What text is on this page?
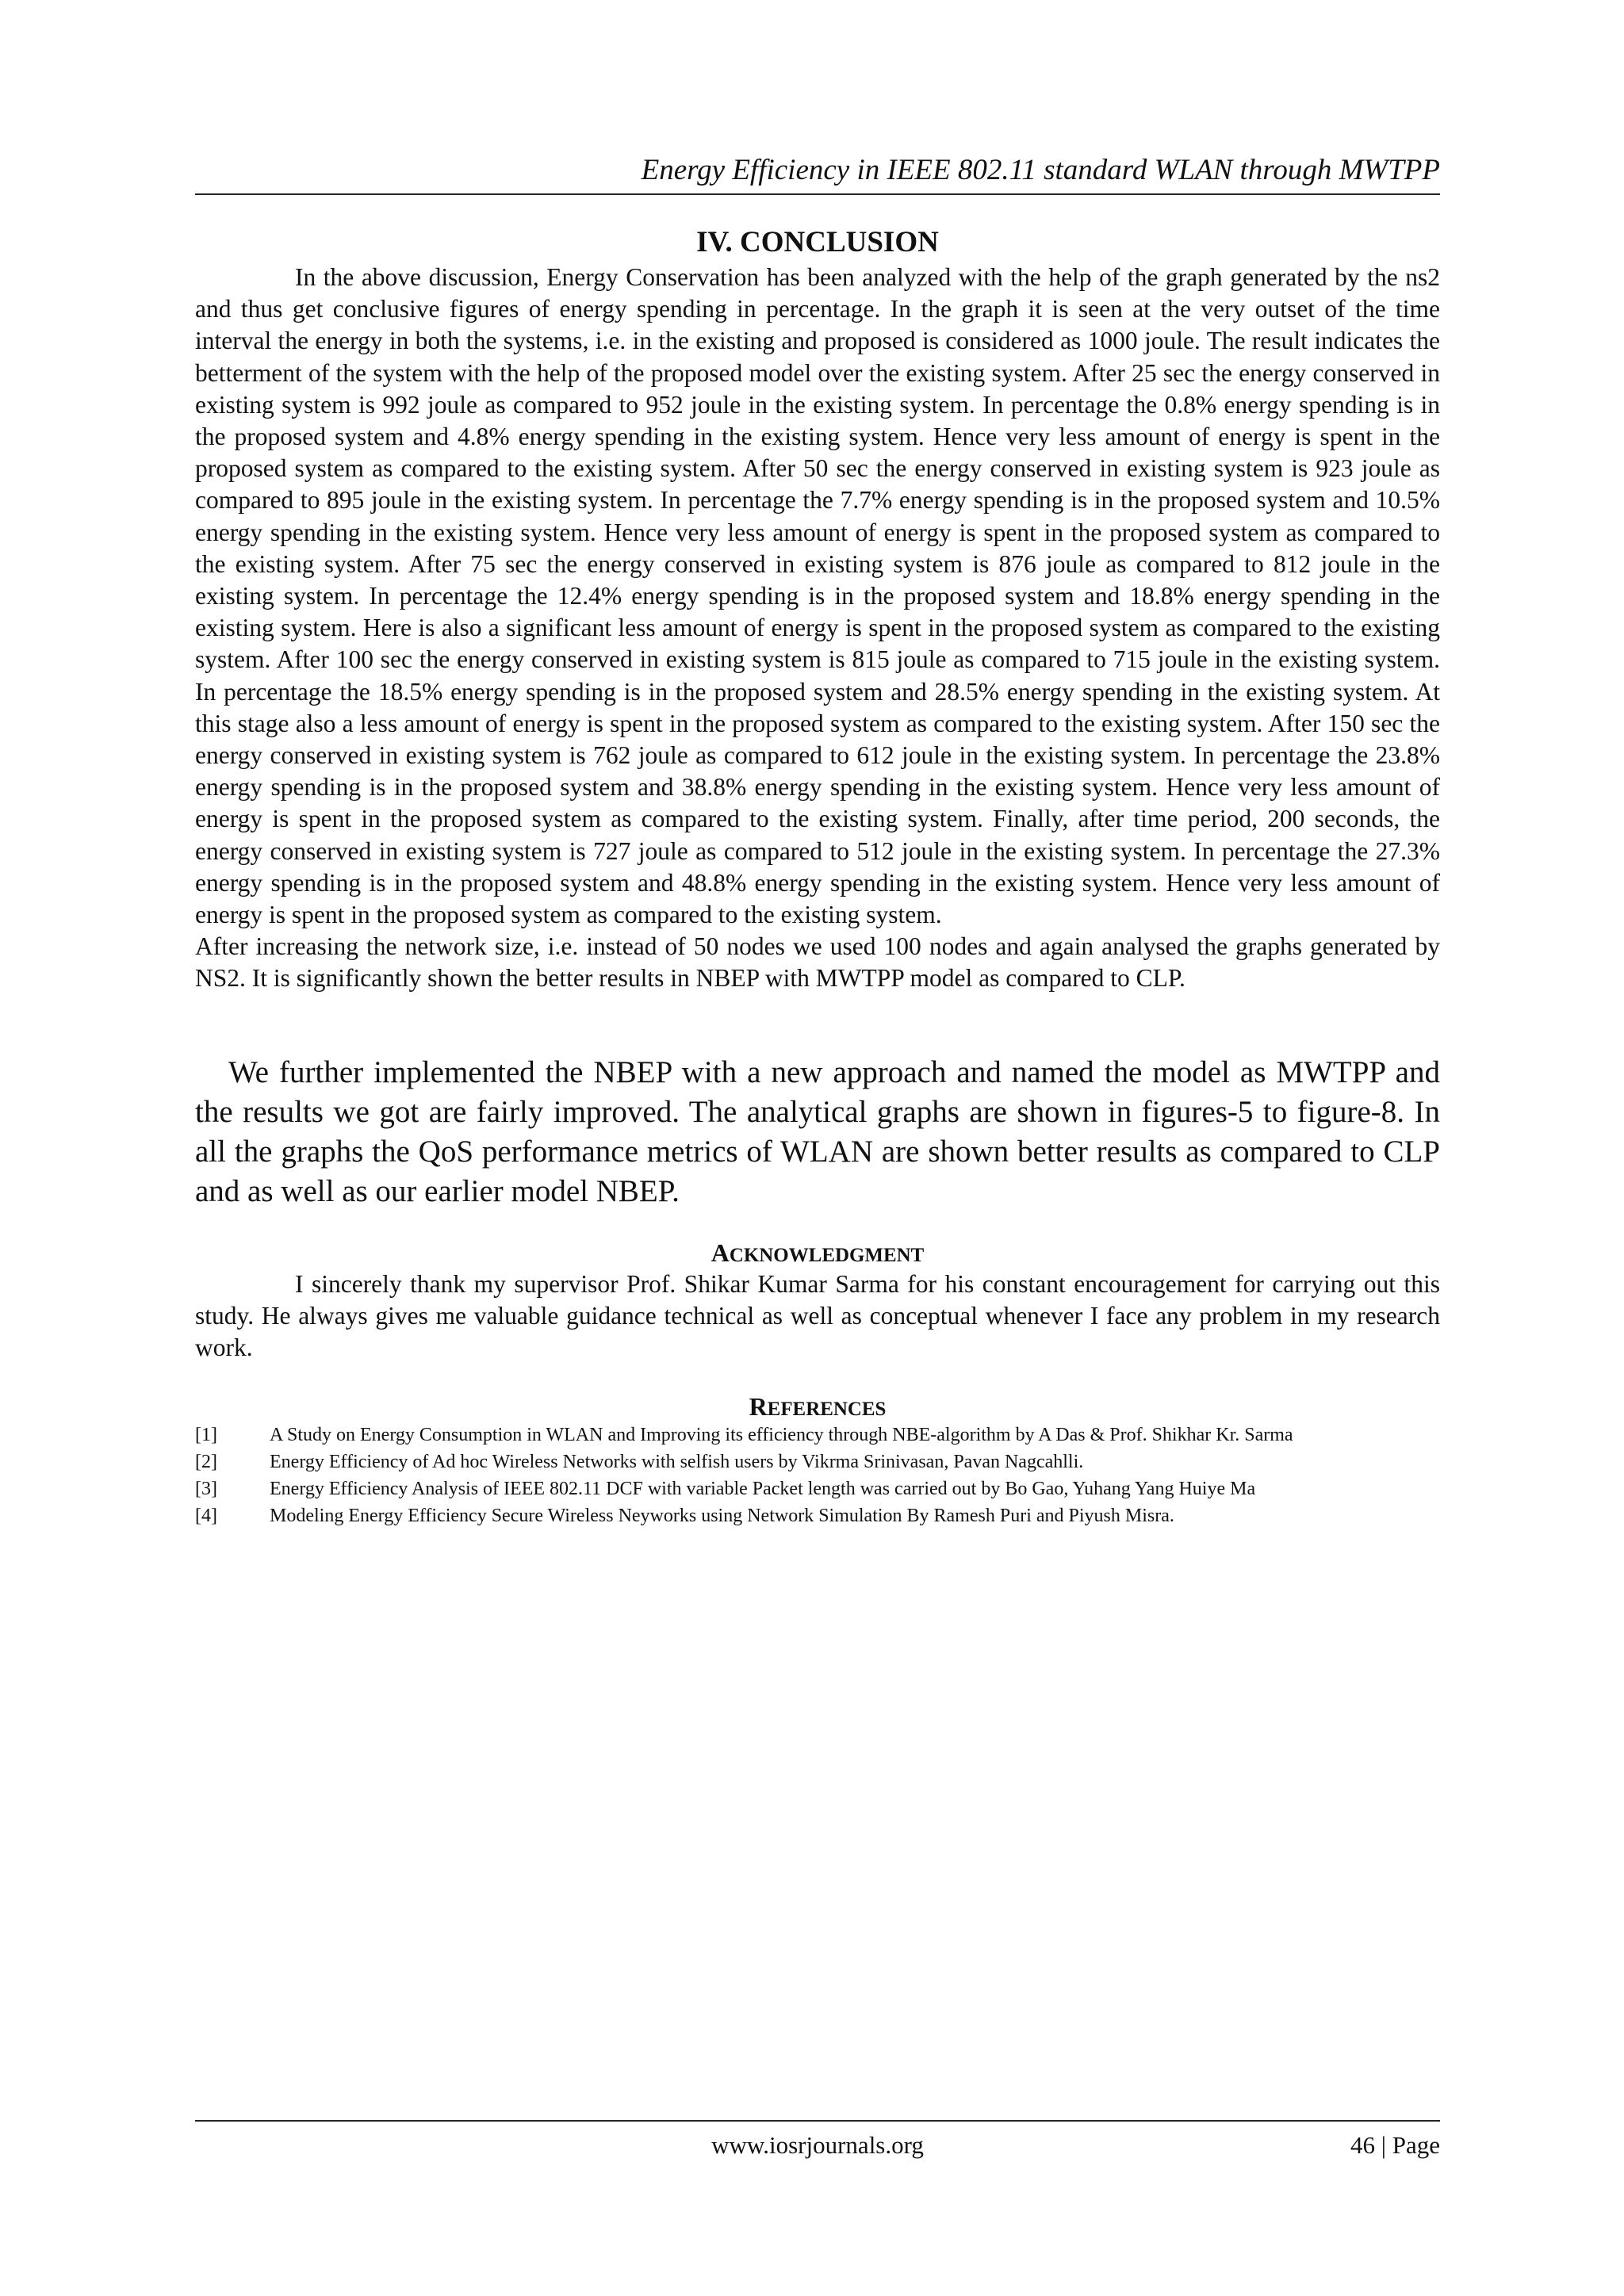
Energy Efficiency in IEEE 802.11 standard WLAN through MWTPP
IV. CONCLUSION

In the above discussion, Energy Conservation has been analyzed with the help of the graph generated by the ns2 and thus get conclusive figures of energy spending in percentage. In the graph it is seen at the very outset of the time interval the energy in both the systems, i.e. in the existing and proposed is considered as 1000 joule. The result indicates the betterment of the system with the help of the proposed model over the existing system. After 25 sec the energy conserved in existing system is 992 joule as compared to 952 joule in the existing system. In percentage the 0.8% energy spending is in the proposed system and 4.8% energy spending in the existing system. Hence very less amount of energy is spent in the proposed system as compared to the existing system. After 50 sec the energy conserved in existing system is 923 joule as compared to 895 joule in the existing system. In percentage the 7.7% energy spending is in the proposed system and 10.5% energy spending in the existing system. Hence very less amount of energy is spent in the proposed system as compared to the existing system. After 75 sec the energy conserved in existing system is 876 joule as compared to 812 joule in the existing system. In percentage the 12.4% energy spending is in the proposed system and 18.8% energy spending in the existing system. Here is also a significant less amount of energy is spent in the proposed system as compared to the existing system. After 100 sec the energy conserved in existing system is 815 joule as compared to 715 joule in the existing system. In percentage the 18.5% energy spending is in the proposed system and 28.5% energy spending in the existing system. At this stage also a less amount of energy is spent in the proposed system as compared to the existing system. After 150 sec the energy conserved in existing system is 762 joule as compared to 612 joule in the existing system. In percentage the 23.8% energy spending is in the proposed system and 38.8% energy spending in the existing system. Hence very less amount of energy is spent in the proposed system as compared to the existing system. Finally, after time period, 200 seconds, the energy conserved in existing system is 727 joule as compared to 512 joule in the existing system. In percentage the 27.3% energy spending is in the proposed system and 48.8% energy spending in the existing system. Hence very less amount of energy is spent in the proposed system as compared to the existing system.

After increasing the network size, i.e. instead of 50 nodes we used 100 nodes and again analysed the graphs generated by NS2. It is significantly shown the better results in NBEP with MWTPP model as compared to CLP.

We further implemented the NBEP with a new approach and named the model as MWTPP and the results we got are fairly improved. The analytical graphs are shown in figures-5 to figure-8. In all the graphs the QoS performance metrics of WLAN are shown better results as compared to CLP and as well as our earlier model NBEP.

ACKNOWLEDGMENT

I sincerely thank my supervisor Prof. Shikar Kumar Sarma for his constant encouragement for carrying out this study. He always gives me valuable guidance technical as well as conceptual whenever I face any problem in my research work.

REFERENCES
[1]	A Study on Energy Consumption in WLAN and Improving its efficiency through NBE-algorithm by A Das & Prof. Shikhar Kr. Sarma
[2]	Energy Efficiency of Ad hoc Wireless Networks with selfish users by Vikrma Srinivasan, Pavan Nagcahlli.
[3]	Energy Efficiency Analysis of IEEE 802.11 DCF with variable Packet length was carried out by Bo Gao, Yuhang Yang Huiye Ma
[4]	Modeling Energy Efficiency Secure Wireless Neyworks using Network Simulation By Ramesh Puri and Piyush Misra.
www.iosrjournals.org	46 | Page
